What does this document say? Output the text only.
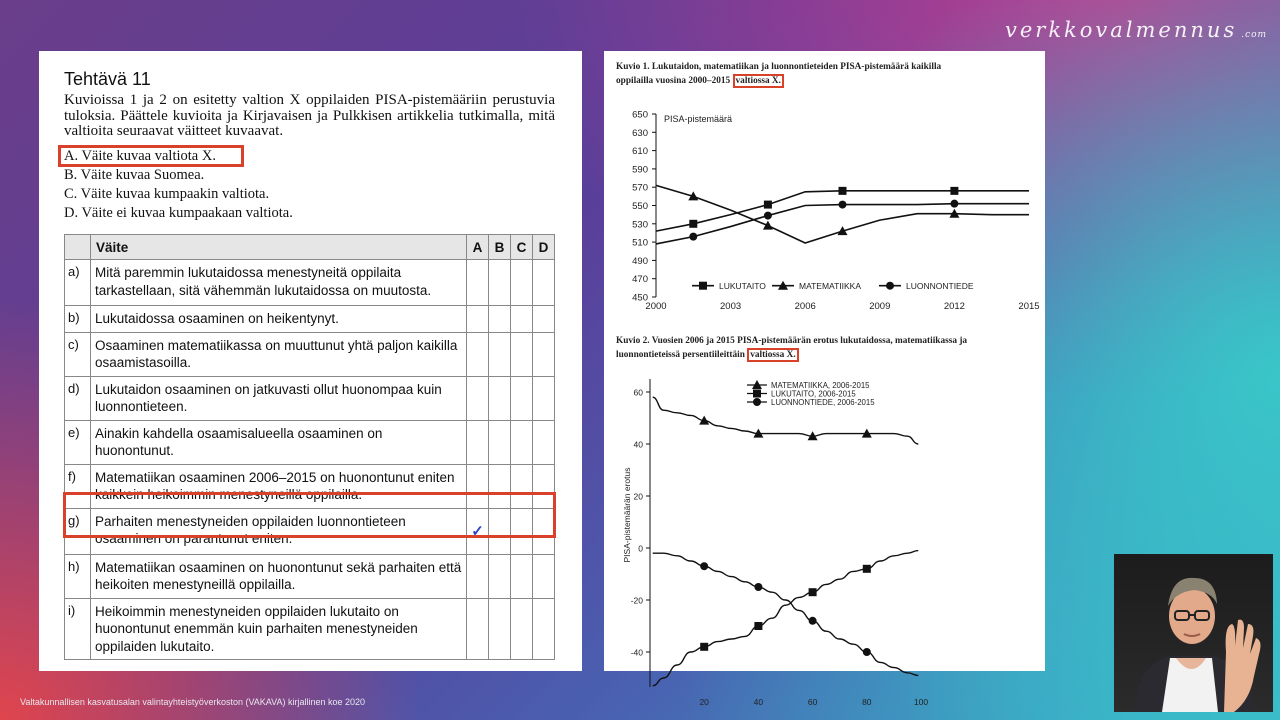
verkkovalmennus .com
Tehtävä 11
Kuvioissa 1 ja 2 on esitetty valtion X oppilaiden PISA-pistemääriin perustuvia tuloksia. Päättele kuvioita ja Kirjavaisen ja Pulkkisen artikkelia tutkimalla, mitä valtioita seuraavat väitteet kuvaavat.
A. Väite kuvaa valtiota X.
B. Väite kuvaa Suomea.
C. Väite kuvaa kumpaakin valtiota.
D. Väite ei kuvaa kumpaakaan valtiota.
	Väite	A	B	C	D
a)	Mitä paremmin lukutaidossa menestyneitä oppilaita tarkastellaan, sitä vähemmän lukutaidossa on muutosta.				
b)	Lukutaidossa osaaminen on heikentynyt.				
c)	Osaaminen matematiikassa on muuttunut yhtä paljon kaikilla osaamistasoilla.				
d)	Lukutaidon osaaminen on jatkuvasti ollut huonompaa kuin luonnontieteen.				
e)	Ainakin kahdella osaamisalueella osaaminen on huonontunut.				
f)	Matematiikan osaaminen 2006–2015 on huonontunut eniten kaikkein heikoimmin menestyneillä oppilailla.				
g)	Parhaiten menestyneiden oppilaiden luonnontieteen osaaminen on parantunut eniten.	✓			
h)	Matematiikan osaaminen on huonontunut sekä parhaiten että heikoiten menestyneillä oppilailla.				
i)	Heikoimmin menestyneiden oppilaiden lukutaito on huonontunut enemmän kuin parhaiten menestyneiden oppilaiden lukutaito.				
Kuvio 1. Lukutaidon, matematiikan ja luonnontieteiden PISA-pistemäärä kaikilla
oppilailla vuosina 2000–2015 valtiossa X.
450
470
490
510
530
550
570
590
610
630
650
2000	2003	2006	2009	2012	2015
PISA-pistemäärä
LUKUTAITO	MATEMATIIKKA	LUONNONTIEDE
Kuvio 2. Vuosien 2006 ja 2015 PISA-pistemäärän erotus lukutaidossa, matematiikassa ja
luonnontieteissä persentiileittäin valtiossa X.
-40
-20
0
20
40
60
20	40	60	80	100
PISA-pistemäärän erotus
MATEMATIIKKA, 2006-2015
LUKUTAITO, 2006-2015
LUONNONTIEDE, 2006-2015
Valtakunnallisen kasvatusalan valintayhteistyöverkoston (VAKAVA) kirjallinen koe 2020
